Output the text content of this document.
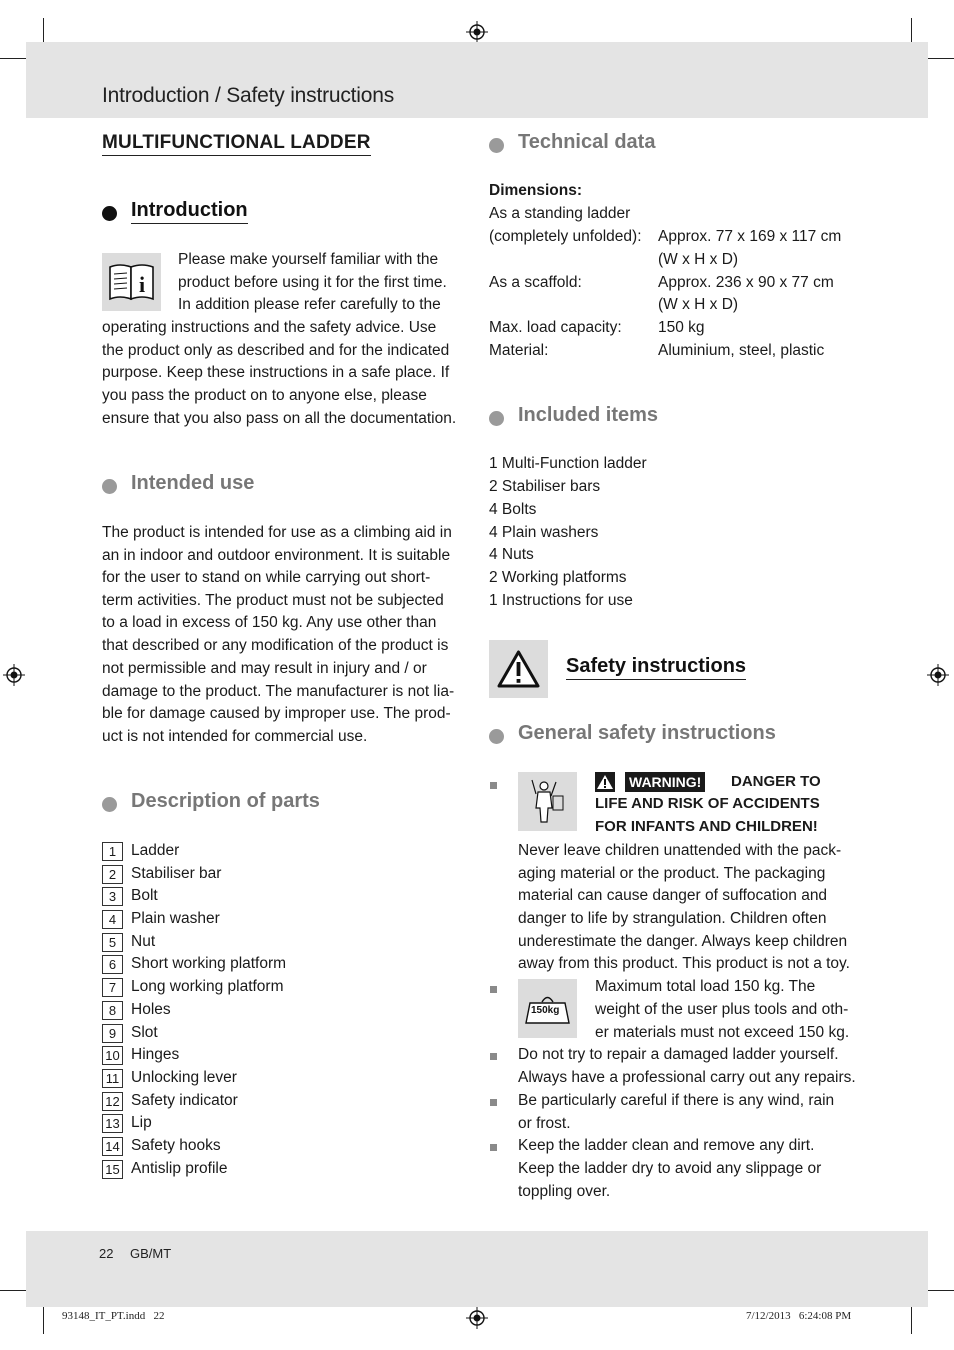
Introduction / Safety instructions
MULTIFUNCTIONAL LADDER
Introduction
i
Please make yourself familiar with the
product before using it for the first time.
In addition please refer carefully to the
operating instructions and the safety advice. Use
the product only as described and for the indicated
purpose. Keep these instructions in a safe place. If
you pass the product on to anyone else, please
ensure that you also pass on all the documentation.
Intended use
The product is intended for use as a climbing aid in
an in indoor and outdoor environment. It is suitable
for the user to stand on while carrying out short-
term activities. The product must not be subjected
to a load in excess of 150 kg. Any use other than
that described or any modification of the product is
not permissible and may result in injury and / or
damage to the product. The manufacturer is not lia-
ble for damage caused by improper use. The prod-
uct is not intended for commercial use.
Description of parts
1 Ladder
2 Stabiliser bar
3 Bolt
4 Plain washer
5 Nut
6 Short working platform
7 Long working platform
8 Holes
9 Slot
10 Hinges
11 Unlocking lever
12 Safety indicator
13 Lip
14 Safety hooks
15 Antislip profile
Technical data
Dimensions:
As a standing ladder
(completely unfolded): Approx. 77 x 169 x 117 cm
(W x H x D)
As a scaffold:	Approx. 236 x 90 x 77 cm
(W x H x D)
Max. load capacity: 150 kg
Material:	Aluminium, steel, plastic
Included items
1 Multi-Function ladder
2 Stabiliser bars
4 Bolts
4 Plain washers
4 Nuts
2 Working platforms
1 Instructions for use
Safety instructions
General safety instructions
WARNING! DANGER TO
LIFE AND RISK OF ACCIDENTS
FOR INFANTS AND CHILDREN!
Never leave children unattended with the pack-
aging material or the product. The packaging
material can cause danger of suffocation and
danger to life by strangulation. Children often
underestimate the danger. Always keep children
away from this product. This product is not a toy.
150kg
Maximum total load 150 kg. The
weight of the user plus tools and oth-
er materials must not exceed 150 kg.
Do not try to repair a damaged ladder yourself.
Always have a professional carry out any repairs.
Be particularly careful if there is any wind, rain
or frost.
Keep the ladder clean and remove any dirt.
Keep the ladder dry to avoid any slippage or
toppling over.
22 GB/MT
93148_IT_PT.indd   22	7/12/2013   6:24:08 PM
